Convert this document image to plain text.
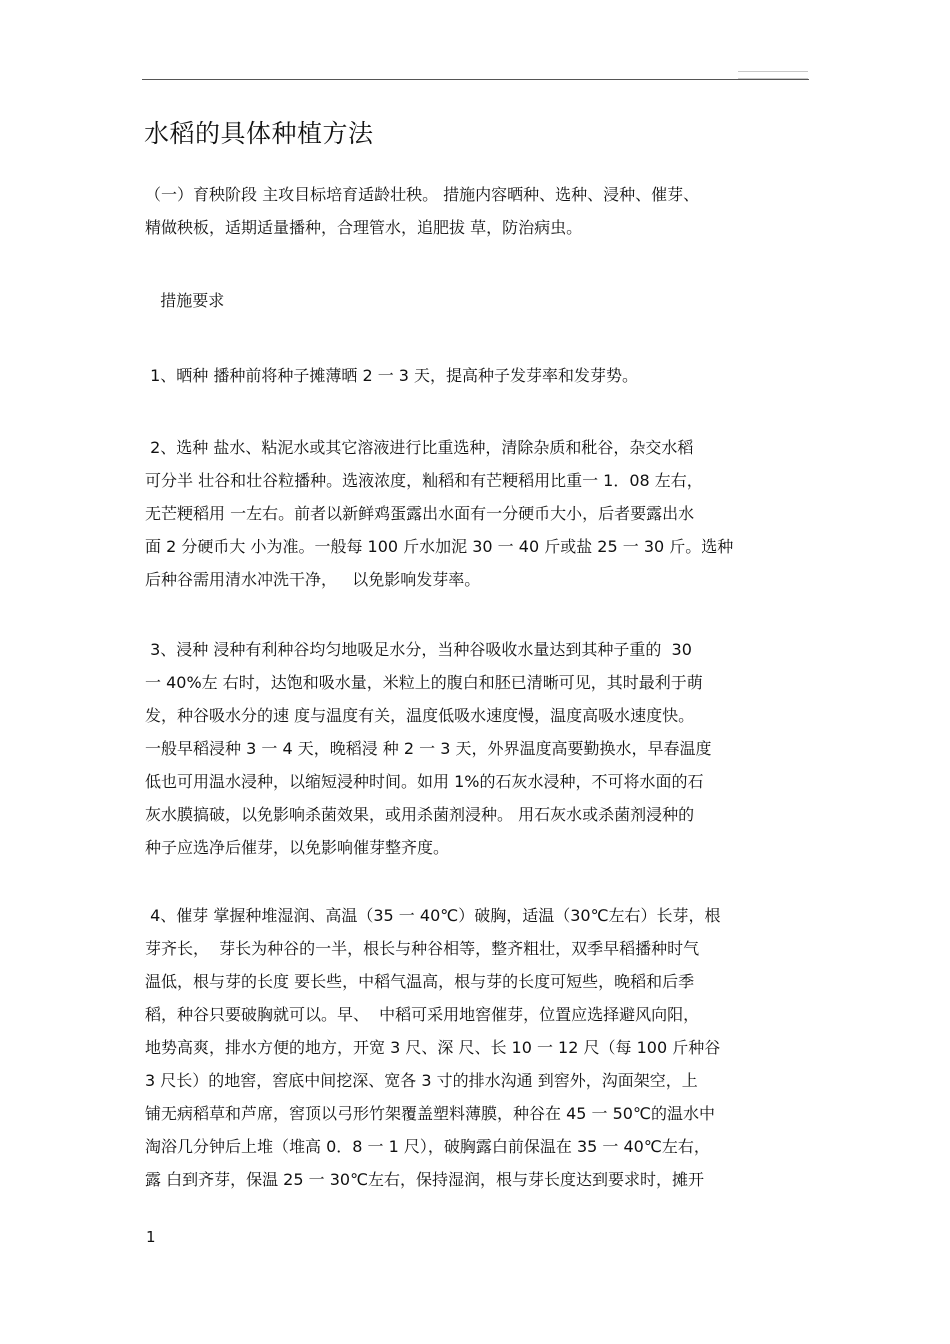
水稻的具体种植方法

（一）育秧阶段 主攻目标培育适龄壮秧。 措施内容晒种、选种、浸种、催芽、
精做秧板，适期适量播种，合理管水，追肥拔 草，防治病虫。

措施要求

1、晒种 播种前将种子摊薄晒 2 一 3 天，提高种子发芽率和发芽势。

2、选种 盐水、粘泥水或其它溶液进行比重选种，清除杂质和秕谷，杂交水稻
可分半 壮谷和壮谷粒播种。选液浓度，籼稻和有芒粳稻用比重一 1．08 左右，
无芒粳稻用 一左右。前者以新鲜鸡蛋露出水面有一分硬币大小，后者要露出水
面 2 分硬币大 小为准。一般每 100 斤水加泥 30 一 40 斤或盐 25 一 30 斤。选种
后种谷需用清水冲洗干净，   以免影响发芽率。

3、浸种 浸种有利种谷均匀地吸足水分，当种谷吸收水量达到其种子重的  30
一 40%左 右时，达饱和吸水量，米粒上的腹白和胚已清晰可见，其时最利于萌
发，种谷吸水分的速 度与温度有关，温度低吸水速度慢，温度高吸水速度快。
一般早稻浸种 3 一 4 天，晚稻浸 种 2 一 3 天，外界温度高要勤换水，早春温度
低也可用温水浸种，以缩短浸种时间。如用 1%的石灰水浸种，不可将水面的石
灰水膜搞破，以免影响杀菌效果，或用杀菌剂浸种。 用石灰水或杀菌剂浸种的
种子应选净后催芽，以免影响催芽整齐度。

4、催芽 掌握种堆湿润、高温（35 一 40℃）破胸，适温（30℃左右）长芽，根
芽齐长，  芽长为种谷的一半，根长与种谷相等，整齐粗壮，双季早稻播种时气
温低，根与芽的长度 要长些，中稻气温高，根与芽的长度可短些，晚稻和后季
稻，种谷只要破胸就可以。早、  中稻可采用地窖催芽，位置应选择避风向阳，
地势高爽，排水方便的地方，开宽 3 尺、深 尺、长 10 一 12 尺（每 100 斤种谷
3 尺长）的地窖，窖底中间挖深、宽各 3 寸的排水沟通 到窖外，沟面架空，上
铺无病稻草和芦席，窖顶以弓形竹架覆盖塑料薄膜，种谷在 45 一 50℃的温水中
淘浴几分钟后上堆（堆高 0．8 一 1 尺），破胸露白前保温在 35 一 40℃左右，
露 白到齐芽，保温 25 一 30℃左右，保持湿润，根与芽长度达到要求时，摊开

1
